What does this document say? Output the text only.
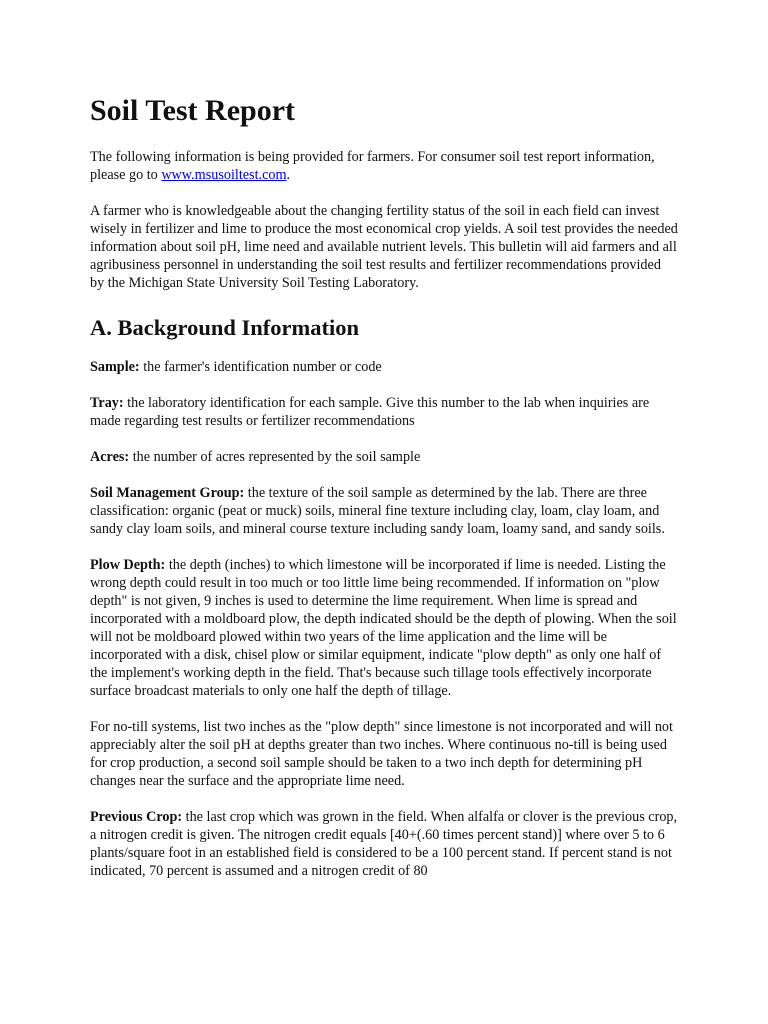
Soil Test Report

The following information is being provided for farmers. For consumer soil test report information, please go to www.msusoiltest.com.

A farmer who is knowledgeable about the changing fertility status of the soil in each field can invest wisely in fertilizer and lime to produce the most economical crop yields. A soil test provides the needed information about soil pH, lime need and available nutrient levels. This bulletin will aid farmers and all agribusiness personnel in understanding the soil test results and fertilizer recommendations provided by the Michigan State University Soil Testing Laboratory.

A. Background Information

Sample: the farmer's identification number or code

Tray: the laboratory identification for each sample. Give this number to the lab when inquiries are made regarding test results or fertilizer recommendations

Acres: the number of acres represented by the soil sample

Soil Management Group: the texture of the soil sample as determined by the lab. There are three classification: organic (peat or muck) soils, mineral fine texture including clay, loam, clay loam, and sandy clay loam soils, and mineral course texture including sandy loam, loamy sand, and sandy soils.

Plow Depth: the depth (inches) to which limestone will be incorporated if lime is needed. Listing the wrong depth could result in too much or too little lime being recommended. If information on "plow depth" is not given, 9 inches is used to determine the lime requirement. When lime is spread and incorporated with a moldboard plow, the depth indicated should be the depth of plowing. When the soil will not be moldboard plowed within two years of the lime application and the lime will be incorporated with a disk, chisel plow or similar equipment, indicate "plow depth" as only one half of the implement's working depth in the field. That's because such tillage tools effectively incorporate surface broadcast materials to only one half the depth of tillage.

For no-till systems, list two inches as the "plow depth" since limestone is not incorporated and will not appreciably alter the soil pH at depths greater than two inches. Where continuous no-till is being used for crop production, a second soil sample should be taken to a two inch depth for determining pH changes near the surface and the appropriate lime need.

Previous Crop: the last crop which was grown in the field. When alfalfa or clover is the previous crop, a nitrogen credit is given. The nitrogen credit equals [40+(.60 times percent stand)] where over 5 to 6 plants/square foot in an established field is considered to be a 100 percent stand. If percent stand is not indicated, 70 percent is assumed and a nitrogen credit of 80
